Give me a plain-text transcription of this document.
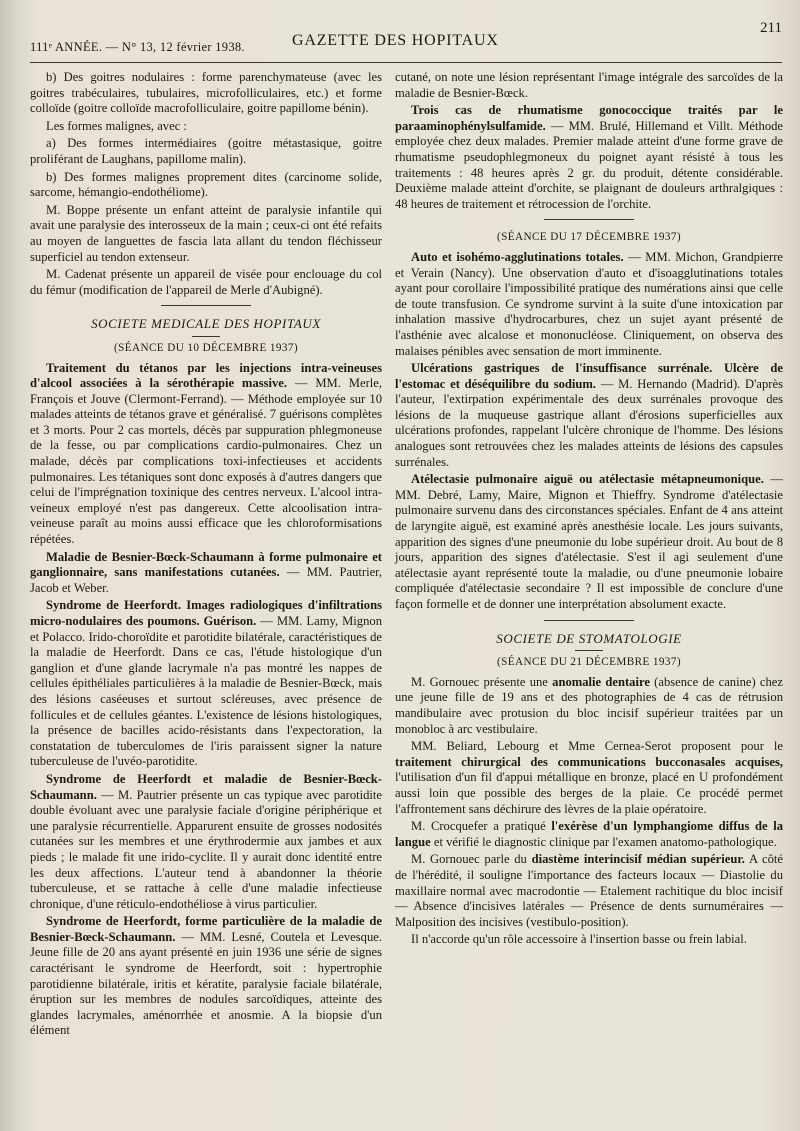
111ᵉ ANNÉE. — N° 13, 12 février 1938.	GAZETTE DES HOPITAUX
211

b) Des goitres nodulaires : forme parenchymateuse (avec les goitres trabéculaires, tubulaires, microfolliculaires, etc.) et forme colloïde (goitre colloïde macrofolliculaire, goitre papillome bénin).

Les formes malignes, avec :

a) Des formes intermédiaires (goitre métastasique, goitre proliférant de Laughans, papillome malin).

b) Des formes malignes proprement dites (carcinome solide, sarcome, hémangio-endothéliome).

M. Boppe présente un enfant atteint de paralysie infantile qui avait une paralysie des interosseux de la main ; ceux-ci ont été refaits au moyen de languettes de fascia lata allant du tendon fléchisseur superficiel au tendon extenseur.

M. Cadenat présente un appareil de visée pour enclouage du col du fémur (modification de l'appareil de Merle d'Aubigné).

SOCIETE MEDICALE DES HOPITAUX
(SÉANCE DU 10 DÉCEMBRE 1937)

Traitement du tétanos par les injections intra-veineuses d'alcool associées à la sérothérapie massive. — MM. Merle, François et Jouve (Clermont-Ferrand). — Méthode employée sur 10 malades atteints de tétanos grave et généralisé. 7 guérisons complètes et 3 morts. Pour 2 cas mortels, décès par suppuration phlegmoneuse de la fesse, ou par complications cardio-pulmonaires. Chez un malade, décès par complications toxi-infectieuses et accidents pulmonaires. Les tétaniques sont donc exposés à d'autres dangers que celui de l'imprégnation toxinique des centres nerveux. L'alcool intra-veineux employé n'est pas dangereux. Cette alcoolisation intra-veineuse paraît au moins aussi efficace que les chloroformisations répétées.

Maladie de Besnier-Bœck-Schaumann à forme pulmonaire et ganglionnaire, sans manifestations cutanées. — MM. Pautrier, Jacob et Weber.

Syndrome de Heerfordt. Images radiologiques d'infiltrations micro-nodulaires des poumons. Guérison. — MM. Lamy, Mignon et Polacco. Irido-choroïdite et parotidite bilatérale, caractéristiques de la maladie de Heerfordt. Dans ce cas, l'étude histologique d'un ganglion et d'une glande lacrymale n'a pas montré les nappes de cellules épithéliales particulières à la maladie de Besnier-Bœck, mais des lésions caséeuses et surtout scléreuses, avec présence de follicules et de cellules géantes. L'existence de lésions histologiques, la présence de bacilles acido-résistants dans l'expectoration, la constatation de tuberculomes de l'iris paraissent signer la nature tuberculeuse de l'uvéo-parotidite.

Syndrome de Heerfordt et maladie de Besnier-Bœck-Schaumann. — M. Pautrier présente un cas typique avec parotidite double évoluant avec une paralysie faciale d'origine périphérique et une paralysie récurrentielle. Apparurent ensuite de grosses nodosités cutanées sur les membres et une érythrodermie aux jambes et aux pieds ; le malade fit une irido-cyclite. Il y aurait donc identité entre les deux affections. L'auteur tend à abandonner la théorie tuberculeuse, et se rattache à celle d'une maladie infectieuse chronique, d'une réticulo-endothéliose à virus particulier.

Syndrome de Heerfordt, forme particulière de la maladie de Besnier-Bœck-Schaumann. — MM. Lesné, Coutela et Levesque. Jeune fille de 20 ans ayant présenté en juin 1936 une série de signes caractérisant le syndrome de Heerfordt, soit : hypertrophie parotidienne bilatérale, iritis et kératite, paralysie faciale bilatérale, éruption sur les membres de nodules sarcoïdiques, atteinte des glandes lacrymales, aménorrhée et anosmie. A la biopsie d'un élément

cutané, on note une lésion représentant l'image intégrale des sarcoïdes de la maladie de Besnier-Bœck.

Trois cas de rhumatisme gonococcique traités par le paraaminophénylsulfamide. — MM. Brulé, Hillemand et Villt. Méthode employée chez deux malades. Premier malade atteint d'une forme grave de rhumatisme pseudophlegmoneux du poignet ayant résisté à tous les traitements : 48 heures après 2 gr. du produit, détente considérable. Deuxième malade atteint d'orchite, se plaignant de douleurs arthralgiques : 48 heures de traitement et rétrocession de l'orchite.

(SÉANCE DU 17 DÉCEMBRE 1937)

Auto et isohémo-agglutinations totales. — MM. Michon, Grandpierre et Verain (Nancy). Une observation d'auto et d'isoagglutinations totales ayant pour corollaire l'impossibilité pratique des numérations ainsi que celle de toute transfusion. Ce syndrome survint à la suite d'une intoxication par inhalation massive d'hydrocarbures, chez un sujet ayant présenté de l'asthénie avec alcalose et mononucléose. Cliniquement, on observa des malaises pénibles avec sensation de mort imminente.

Ulcérations gastriques de l'insuffisance surrénale. Ulcère de l'estomac et déséquilibre du sodium. — M. Hernando (Madrid). D'après l'auteur, l'extirpation expérimentale des deux surrénales provoque des lésions de la muqueuse gastrique allant d'érosions superficielles aux ulcérations profondes, rappelant l'ulcère chronique de l'homme. Des lésions analogues sont retrouvées chez les malades atteints de lésions des capsules surrénales.

Atélectasie pulmonaire aiguë ou atélectasie métapneumonique. — MM. Debré, Lamy, Maire, Mignon et Thieffry. Syndrome d'atélectasie pulmonaire survenu dans des circonstances spéciales. Enfant de 4 ans atteint de laryngite aiguë, est examiné après anesthésie locale. Les jours suivants, apparition des signes d'une pneumonie du lobe supérieur droit. Au bout de 8 jours, apparition des signes d'atélectasie. S'est il agi seulement d'une atélectasie ayant représenté toute la maladie, ou d'une pneumonie lobaire compliquée d'atélectasie secondaire ? Il est impossible de conclure d'une façon formelle et de donner une interprétation absolument exacte.

SOCIETE DE STOMATOLOGIE
(SÉANCE DU 21 DÉCEMBRE 1937)

M. Gornouec présente une anomalie dentaire (absence de canine) chez une jeune fille de 19 ans et des photographies de 4 cas de rétrusion mandibulaire avec protusion du bloc incisif supérieur traitées par un monobloc à arc vestibulaire.

MM. Beliard, Lebourg et Mme Cernea-Serot proposent pour le traitement chirurgical des communications bucconasales acquises, l'utilisation d'un fil d'appui métallique en bronze, placé en U profondément aussi loin que possible des berges de la plaie. Ce procédé permet l'affrontement sans déchirure des lèvres de la plaie opératoire.

M. Crocquefer a pratiqué l'exérèse d'un lymphangiome diffus de la langue et vérifié le diagnostic clinique par l'examen anatomo-pathologique.

M. Gornouec parle du diastème interincisif médian supérieur. A côté de l'hérédité, il souligne l'importance des facteurs locaux — Diastolie du maxillaire normal avec macrodontie — Etalement rachitique du bloc incisif — Absence d'incisives latérales — Présence de dents surnuméraires — Malposition des incisives (vestibulo-position).

Il n'accorde qu'un rôle accessoire à l'insertion basse ou frein labial.
